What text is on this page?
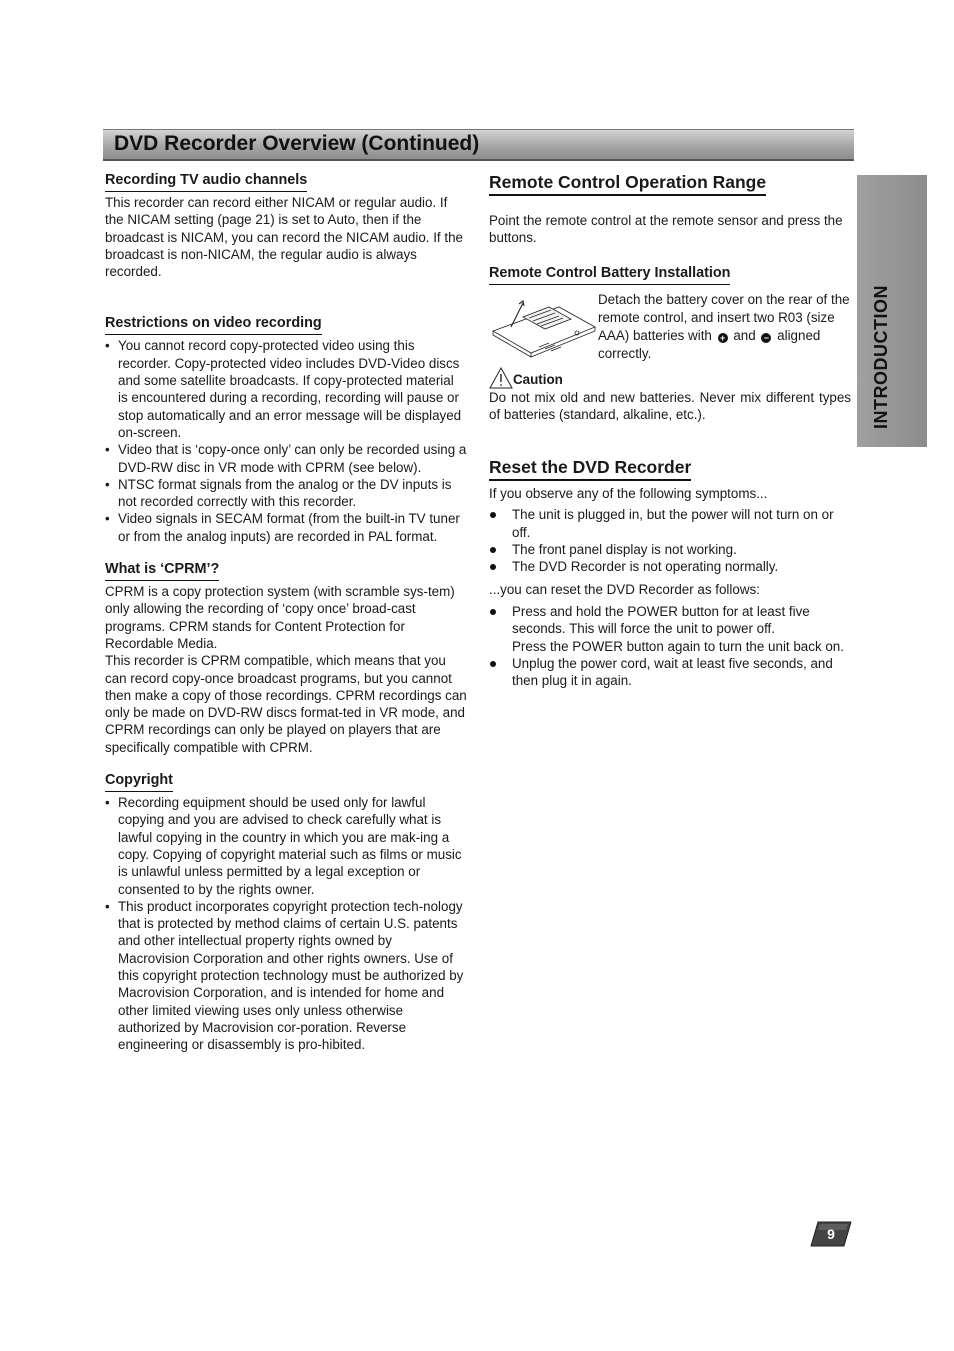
DVD Recorder Overview (Continued)
INTRODUCTION
Recording TV audio channels

This recorder can record either NICAM or regular audio. If the NICAM setting (page 21) is set to Auto, then if the broadcast is NICAM, you can record the NICAM audio. If the broadcast is non-NICAM, the regular audio is always recorded.

Restrictions on video recording
• You cannot record copy-protected video using this recorder. Copy-protected video includes DVD-Video discs and some satellite broadcasts. If copy-protected material is encountered during a recording, recording will pause or stop automatically and an error message will be displayed on-screen.
• Video that is ‘copy-once only’ can only be recorded using a DVD-RW disc in VR mode with CPRM (see below).
• NTSC format signals from the analog or the DV inputs is not recorded correctly with this recorder.
• Video signals in SECAM format (from the built-in TV tuner or from the analog inputs) are recorded in PAL format.
What is ‘CPRM’?

CPRM is a copy protection system (with scramble sys-tem) only allowing the recording of ‘copy once’ broad-cast programs. CPRM stands for Content Protection for Recordable Media.
This recorder is CPRM compatible, which means that you can record copy-once broadcast programs, but you cannot then make a copy of those recordings. CPRM recordings can only be made on DVD-RW discs format-ted in VR mode, and CPRM recordings can only be played on players that are specifically compatible with CPRM.

Copyright
• Recording equipment should be used only for lawful copying and you are advised to check carefully what is lawful copying in the country in which you are mak-ing a copy. Copying of copyright material such as films or music is unlawful unless permitted by a legal exception or consented to by the rights owner.
• This product incorporates copyright protection tech-nology that is protected by method claims of certain U.S. patents and other intellectual property rights owned by Macrovision Corporation and other rights owners. Use of this copyright protection technology must be authorized by Macrovision Corporation, and is intended for home and other limited viewing uses only unless otherwise authorized by Macrovision cor-poration. Reverse engineering or disassembly is pro-hibited.
Remote Control Operation Range

Point the remote control at the remote sensor and press the buttons.

Remote Control Battery Installation
Detach the battery cover on the rear of the remote control, and insert two R03 (size AAA) batteries with + and − aligned correctly.
Caution

Do not mix old and new batteries. Never mix different types of batteries (standard, alkaline, etc.).

Reset the DVD Recorder

If you observe any of the following symptoms...

The unit is plugged in, but the power will not turn on or off.
The front panel display is not working.
The DVD Recorder is not operating normally.

...you can reset the DVD Recorder as follows:

Press and hold the POWER button for at least five seconds. This will force the unit to power off.
Press the POWER button again to turn the unit back on.
Unplug the power cord, wait at least five seconds, and then plug it in again.
9
